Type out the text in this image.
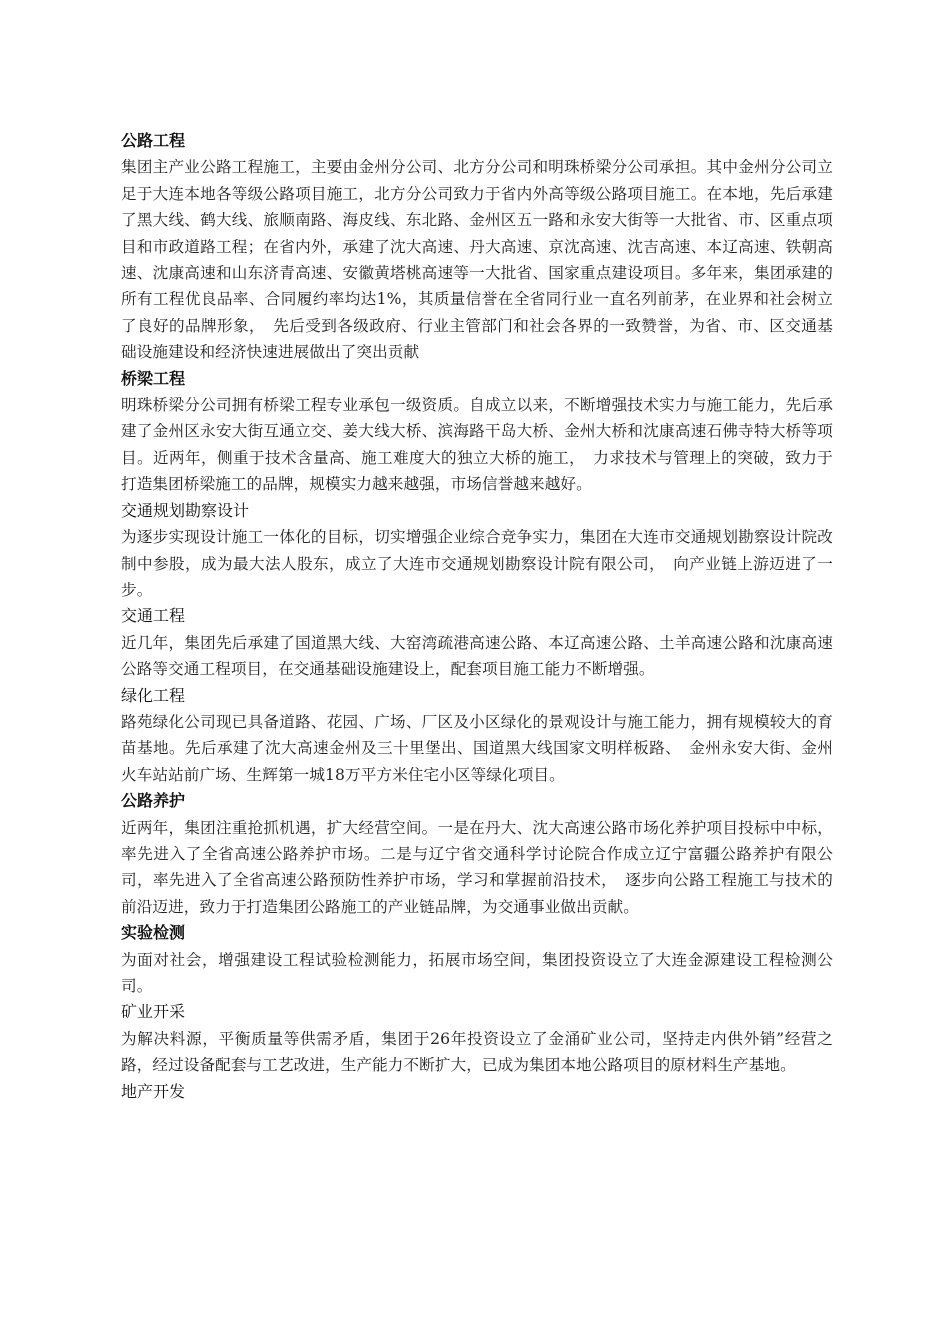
公路工程

集团主产业公路工程施工，主要由金州分公司、北方分公司和明珠桥梁分公司承担。其中金州分公司立足于大连本地各等级公路项目施工，北方分公司致力于省内外高等级公路项目施工。在本地，先后承建了黑大线、鹤大线、旅顺南路、海皮线、东北路、金州区五一路和永安大街等一大批省、市、区重点项目和市政道路工程；在省内外，承建了沈大高速、丹大高速、京沈高速、沈吉高速、本辽高速、铁朝高速、沈康高速和山东济青高速、安徽黄塔桃高速等一大批省、国家重点建设项目。多年来，集团承建的所有工程优良品率、合同履约率均达1%，其质量信誉在全省同行业一直名列前茅，在业界和社会树立了良好的品牌形象，　先后受到各级政府、行业主管部门和社会各界的一致赞誉，为省、市、区交通基础设施建设和经济快速进展做出了突出贡献

桥梁工程

明珠桥梁分公司拥有桥梁工程专业承包一级资质。自成立以来，不断增强技术实力与施工能力，先后承建了金州区永安大街互通立交、姜大线大桥、滨海路干岛大桥、金州大桥和沈康高速石佛寺特大桥等项目。近两年，侧重于技术含量高、施工难度大的独立大桥的施工，　力求技术与管理上的突破，致力于打造集团桥梁施工的品牌，规模实力越来越强，市场信誉越来越好。

交通规划勘察设计

为逐步实现设计施工一体化的目标，切实增强企业综合竞争实力，集团在大连市交通规划勘察设计院改制中参股，成为最大法人股东，成立了大连市交通规划勘察设计院有限公司，　向产业链上游迈进了一步。

交通工程

近几年，集团先后承建了国道黑大线、大窑湾疏港高速公路、本辽高速公路、土羊高速公路和沈康高速公路等交通工程项目，在交通基础设施建设上，配套项目施工能力不断增强。

绿化工程

路苑绿化公司现已具备道路、花园、广场、厂区及小区绿化的景观设计与施工能力，拥有规模较大的育苗基地。先后承建了沈大高速金州及三十里堡出、国道黑大线国家文明样板路、　金州永安大街、金州火车站站前广场、生辉第一城18万平方米住宅小区等绿化项目。

公路养护

近两年，集团注重抢抓机遇，扩大经营空间。一是在丹大、沈大高速公路市场化养护项目投标中中标，率先进入了全省高速公路养护市场。二是与辽宁省交通科学讨论院合作成立辽宁富疆公路养护有限公司，率先进入了全省高速公路预防性养护市场，学习和掌握前沿技术，　逐步向公路工程施工与技术的前沿迈进，致力于打造集团公路施工的产业链品牌，为交通事业做出贡献。

实验检测

为面对社会，增强建设工程试验检测能力，拓展市场空间，集团投资设立了大连金源建设工程检测公司。

矿业开采

为解决料源，平衡质量等供需矛盾，集团于26年投资设立了金涌矿业公司，坚持走内供外销”经营之路，经过设备配套与工艺改进，生产能力不断扩大，已成为集团本地公路项目的原材料生产基地。

地产开发
